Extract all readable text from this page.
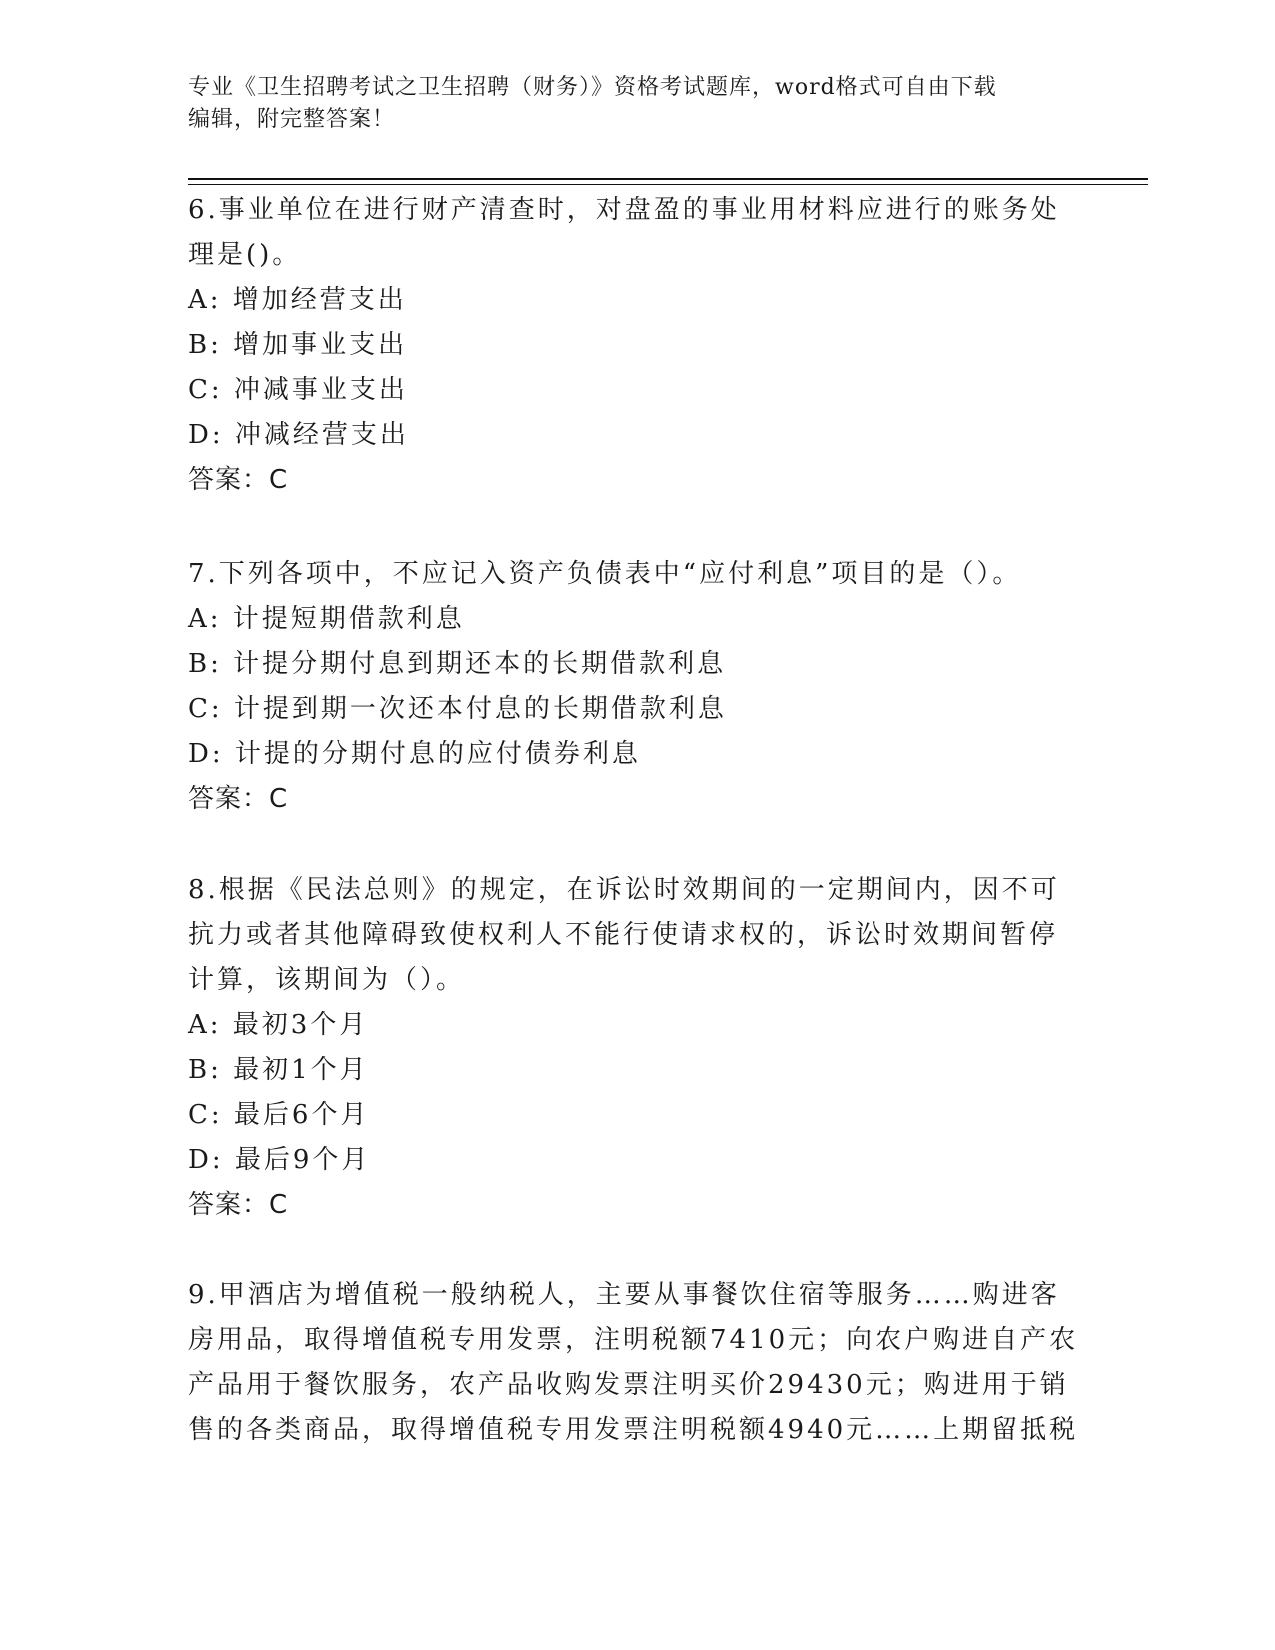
专业《卫生招聘考试之卫生招聘（财务）》资格考试题库，word格式可自由下载
编辑，附完整答案！

6.事业单位在进行财产清查时，对盘盈的事业用材料应进行的账务处

理是()。

A: 增加经营支出

B: 增加事业支出

C: 冲减事业支出

D: 冲减经营支出

答案：C

7.下列各项中，不应记入资产负债表中“应付利息”项目的是（）。

A: 计提短期借款利息

B: 计提分期付息到期还本的长期借款利息

C: 计提到期一次还本付息的长期借款利息

D: 计提的分期付息的应付债券利息

答案：C

8.根据《民法总则》的规定，在诉讼时效期间的一定期间内，因不可

抗力或者其他障碍致使权利人不能行使请求权的，诉讼时效期间暂停

计算，该期间为（）。

A: 最初3个月

B: 最初1个月

C: 最后6个月

D: 最后9个月

答案：C

9.甲酒店为增值税一般纳税人，主要从事餐饮住宿等服务……购进客

房用品，取得增值税专用发票，注明税额7410元；向农户购进自产农

产品用于餐饮服务，农产品收购发票注明买价29430元；购进用于销

售的各类商品，取得增值税专用发票注明税额4940元……上期留抵税
